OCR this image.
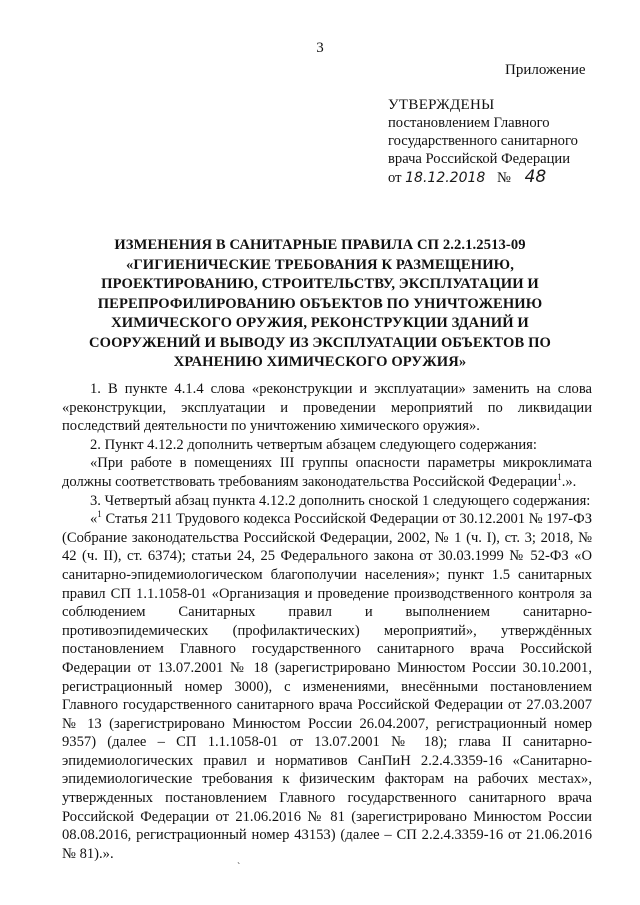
3
Приложение
УТВЕРЖДЕНЫ
постановлением Главного
государственного санитарного
врача Российской Федерации
от 18.12.2018 № 48
ИЗМЕНЕНИЯ В САНИТАРНЫЕ ПРАВИЛА СП 2.2.1.2513-09 «ГИГИЕНИЧЕСКИЕ ТРЕБОВАНИЯ К РАЗМЕЩЕНИЮ, ПРОЕКТИРОВАНИЮ, СТРОИТЕЛЬСТВУ, ЭКСПЛУАТАЦИИ И ПЕРЕПРОФИЛИРОВАНИЮ ОБЪЕКТОВ ПО УНИЧТОЖЕНИЮ ХИМИЧЕСКОГО ОРУЖИЯ, РЕКОНСТРУКЦИИ ЗДАНИЙ И СООРУЖЕНИЙ И ВЫВОДУ ИЗ ЭКСПЛУАТАЦИИ ОБЪЕКТОВ ПО ХРАНЕНИЮ ХИМИЧЕСКОГО ОРУЖИЯ»

1. В пункте 4.1.4 слова «реконструкции и эксплуатации» заменить на слова «реконструкции, эксплуатации и проведении мероприятий по ликвидации последствий деятельности по уничтожению химического оружия».

2. Пункт 4.12.2 дополнить четвертым абзацем следующего содержания:

«При работе в помещениях III группы опасности параметры микроклимата должны соответствовать требованиям законодательства Российской Федерации$^1$.».

3. Четвертый абзац пункта 4.12.2 дополнить сноской 1 следующего содержания:

«$^1$ Статья 211 Трудового кодекса Российской Федерации от 30.12.2001 № 197-ФЗ (Собрание законодательства Российской Федерации, 2002, № 1 (ч. I), ст. 3; 2018, № 42 (ч. II), ст. 6374); статьи 24, 25 Федерального закона от 30.03.1999 № 52-ФЗ «О санитарно-эпидемиологическом благополучии населения»; пункт 1.5 санитарных правил СП 1.1.1058-01 «Организация и проведение производственного контроля за соблюдением Санитарных правил и выполнением санитарно-противоэпидемических (профилактических) мероприятий», утверждённых постановлением Главного государственного санитарного врача Российской Федерации от 13.07.2001 № 18 (зарегистрировано Минюстом России 30.10.2001, регистрационный номер 3000), с изменениями, внесёнными постановлением Главного государственного санитарного врача Российской Федерации от 27.03.2007 № 13 (зарегистрировано Минюстом России 26.04.2007, регистрационный номер 9357) (далее – СП 1.1.1058-01 от 13.07.2001 № 18); глава II санитарно-эпидемиологических правил и нормативов СанПиН 2.2.4.3359-16 «Санитарно-эпидемиологические требования к физическим факторам на рабочих местах», утвержденных постановлением Главного государственного санитарного врача Российской Федерации от 21.06.2016 № 81 (зарегистрировано Минюстом России 08.08.2016, регистрационный номер 43153) (далее – СП 2.2.4.3359-16 от 21.06.2016 № 81).».

ˋ
